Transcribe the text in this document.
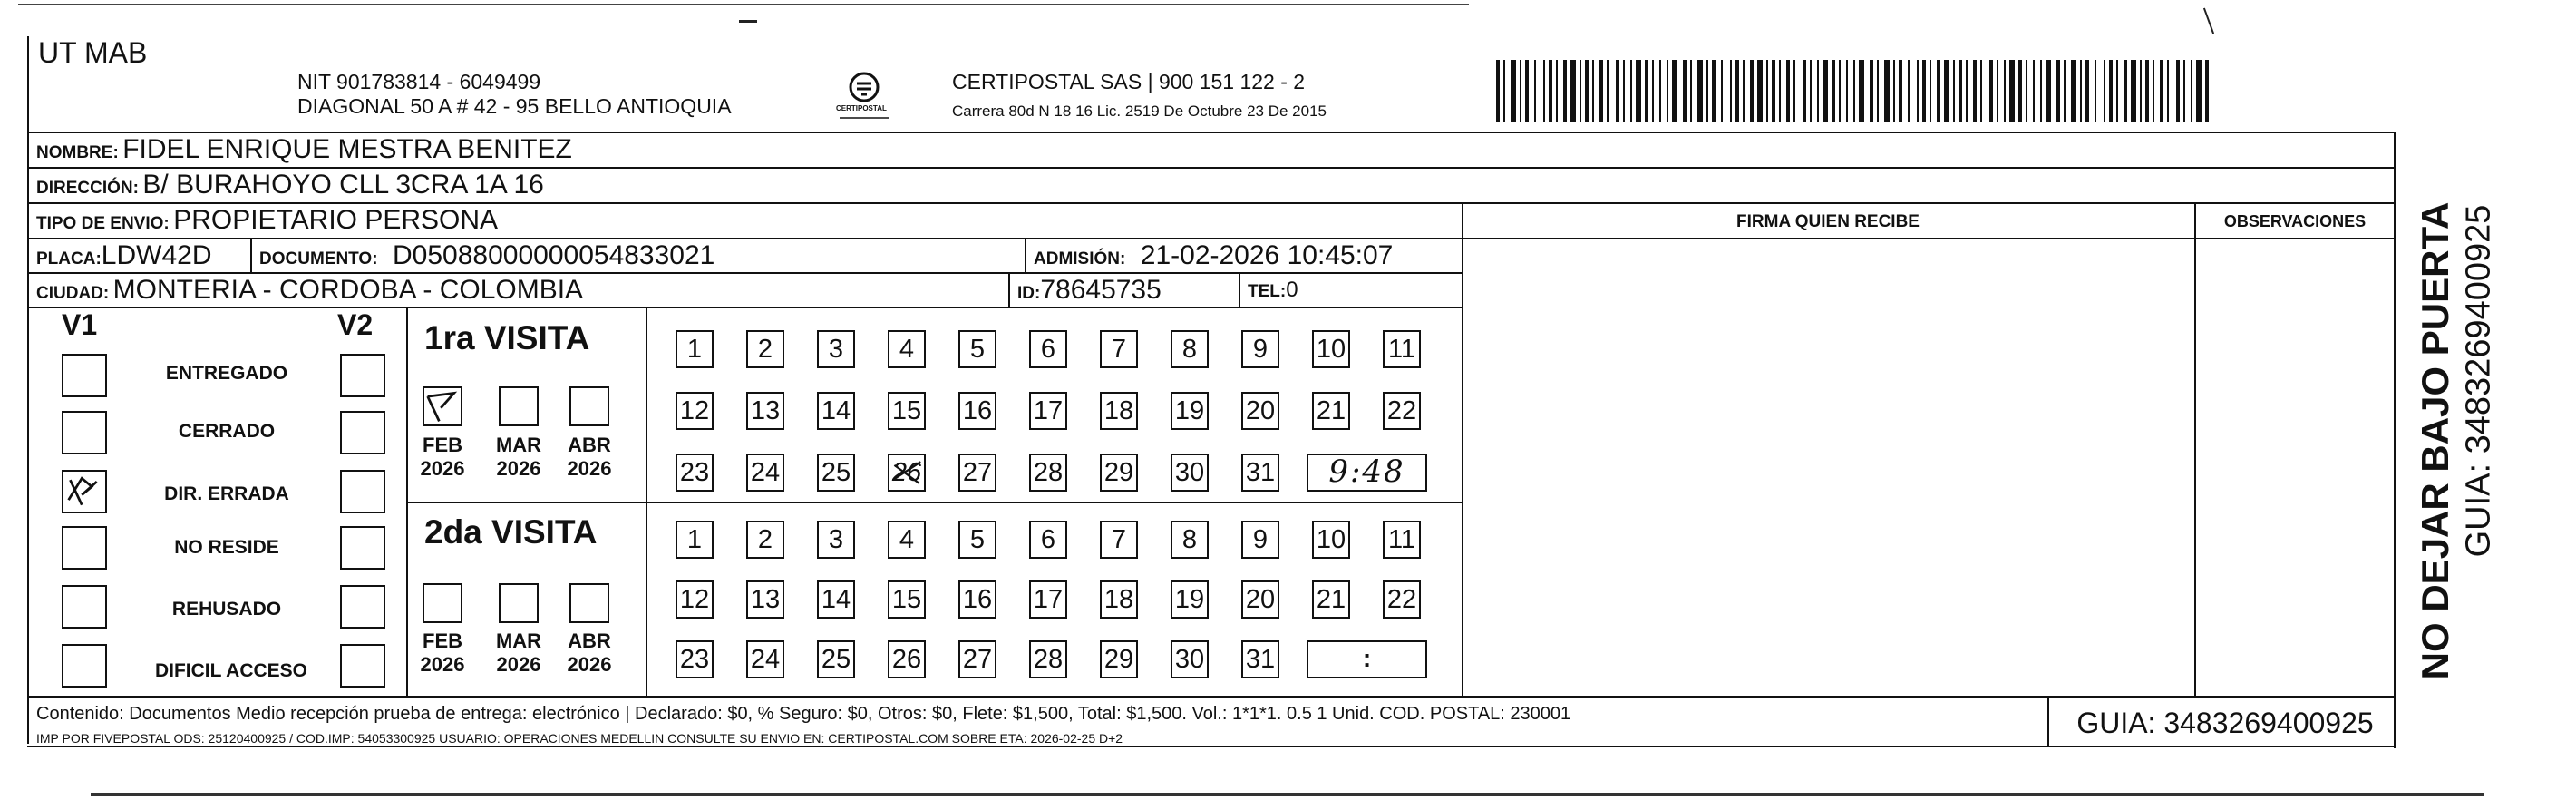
UT MAB
NIT 901783814 - 6049499
DIAGONAL 50 A # 42 - 95 BELLO ANTIOQUIA	CERTIPOSTAL
CERTIPOSTAL SAS | 900 151 122 - 2
Carrera 80d N 18 16 Lic. 2519 De Octubre 23 De 2015
NOMBRE: FIDEL ENRIQUE MESTRA BENITEZ
DIRECCIÓN: B/ BURAHOYO CLL 3CRA 1A 16
TIPO DE ENVIO: PROPIETARIO PERSONA	FIRMA QUIEN RECIBE	OBSERVACIONES
PLACA:LDW42D	DOCUMENTO: D05088000000054833021	ADMISIÓN: 21-02-2026 10:45:07
CIUDAD: MONTERIA - CORDOBA - COLOMBIA	ID:78645735	TEL:0
V1	V2
ENTREGADO
CERRADO
DIR. ERRADA
NO RESIDE
REHUSADO
DIFICIL ACCESO
1ra VISITA
2da VISITA
FEB
2026
MAR
2026
ABR
2026
FEB
2026
MAR
2026
ABR
2026
1	2	3	4	5	6	7	8	9	10 11
12 13 14 15 16 17 18 19 20 21 22
23 24 25 26 27 28 29 30 31
1	2	3	4	5	6	7	8	9	10 11
12 13 14 15 16 17 18 19 20 21 22
23 24 25 26 27 28 29 30 31
9:48
:
Contenido: Documentos Medio recepción prueba de entrega: electrónico | Declarado: $0, % Seguro: $0, Otros: $0, Flete: $1,500, Total: $1,500. Vol.: 1*1*1. 0.5 1 Unid. COD. POSTAL: 230001
IMP POR FIVEPOSTAL ODS: 25120400925 / COD.IMP: 54053300925 USUARIO: OPERACIONES MEDELLIN CONSULTE SU ENVIO EN: CERTIPOSTAL.COM SOBRE ETA: 2026-02-25 D+2	GUIA: 3483269400925
NO DEJAR BAJO PUERTA GUIA: 3483269400925
